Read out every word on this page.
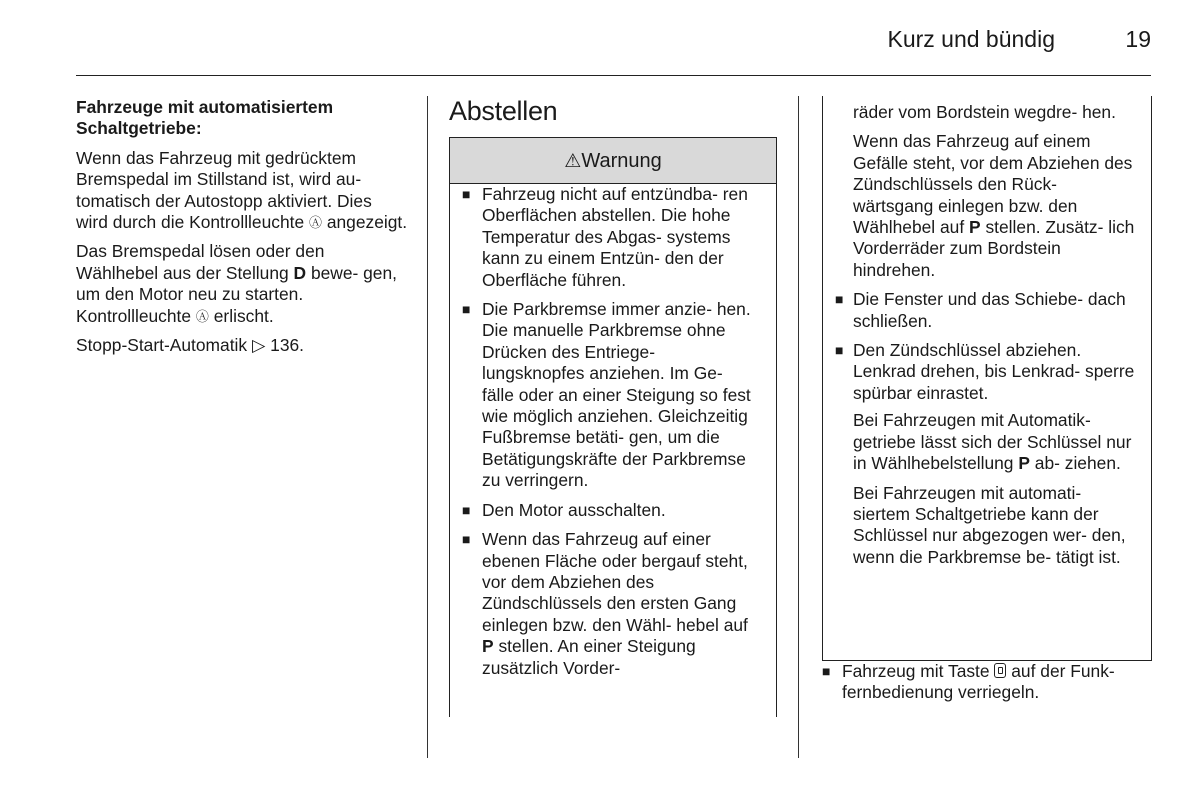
Kurz und bündig	19

Fahrzeuge mit automatisiertem Schaltgetriebe:

Wenn das Fahrzeug mit gedrücktem Bremspedal im Stillstand ist, wird au- tomatisch der Autostopp aktiviert. Dies wird durch die Kontrollleuchte Ⓐ angezeigt.

Das Bremspedal lösen oder den Wählhebel aus der Stellung D bewe- gen, um den Motor neu zu starten. Kontrollleuchte Ⓐ erlischt.

Stopp-Start-Automatik ▷ 136.

Abstellen
⚠Warnung
■ Fahrzeug nicht auf entzündba- ren Oberflächen abstellen. Die hohe Temperatur des Abgas- systems kann zu einem Entzün- den der Oberfläche führen.
■ Die Parkbremse immer anzie- hen. Die manuelle Parkbremse ohne Drücken des Entriege- lungsknopfes anziehen. Im Ge- fälle oder an einer Steigung so fest wie möglich anziehen. Gleichzeitig Fußbremse betäti- gen, um die Betätigungskräfte der Parkbremse zu verringern.
■ Den Motor ausschalten.
■ Wenn das Fahrzeug auf einer ebenen Fläche oder bergauf steht, vor dem Abziehen des Zündschlüssels den ersten Gang einlegen bzw. den Wähl- hebel auf P stellen. An einer Steigung zusätzlich Vorder-

räder vom Bordstein wegdre- hen.

Wenn das Fahrzeug auf einem Gefälle steht, vor dem Abziehen des Zündschlüssels den Rück- wärtsgang einlegen bzw. den Wählhebel auf P stellen. Zusätz- lich Vorderräder zum Bordstein hindrehen.

■ Die Fenster und das Schiebe- dach schließen.
■ Den Zündschlüssel abziehen. Lenkrad drehen, bis Lenkrad- sperre spürbar einrastet.

Bei Fahrzeugen mit Automatik- getriebe lässt sich der Schlüssel nur in Wählhebelstellung P ab- ziehen.

Bei Fahrzeugen mit automati- siertem Schaltgetriebe kann der Schlüssel nur abgezogen wer- den, wenn die Parkbremse be- tätigt ist.

■ Fahrzeug mit Taste auf der Funk- fernbedienung verriegeln.
